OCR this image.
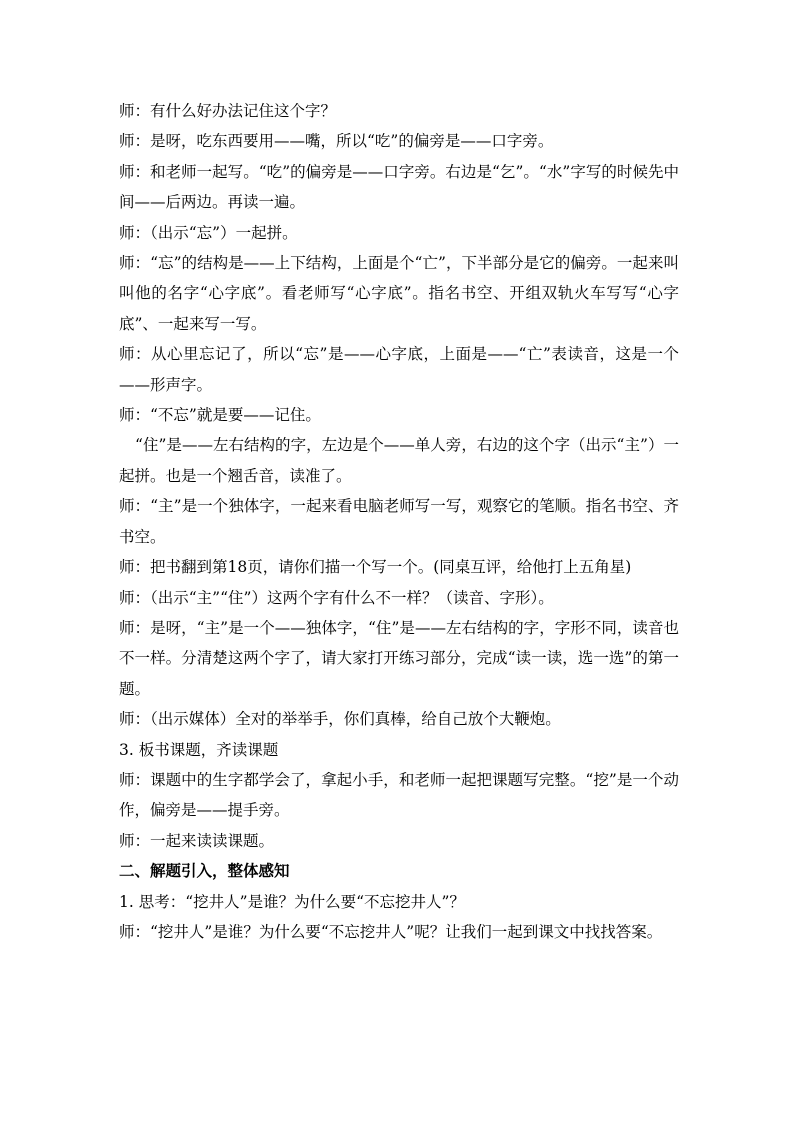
师：有什么好办法记住这个字？

师：是呀，吃东西要用——嘴，所以“吃”的偏旁是——口字旁。

师：和老师一起写。“吃”的偏旁是——口字旁。右边是“乞”。“水”字写的时候先中间——后两边。再读一遍。

师：（出示“忘”）一起拼。

师：“忘”的结构是——上下结构，上面是个“亡”，下半部分是它的偏旁。一起来叫叫他的名字“心字底”。看老师写“心字底”。指名书空、开组双轨火车写写“心字底”、一起来写一写。

师：从心里忘记了，所以“忘”是——心字底，上面是——“亡”表读音，这是一个——形声字。

师：“不忘”就是要——记住。

“住”是——左右结构的字，左边是个——单人旁，右边的这个字（出示“主”）一起拼。也是一个翘舌音，读准了。

师：“主”是一个独体字，一起来看电脑老师写一写，观察它的笔顺。指名书空、齐书空。

师：把书翻到第18页，请你们描一个写一个。(同桌互评，给他打上五角星)

师：（出示“主”“住”）这两个字有什么不一样？（读音、字形）。

师：是呀，“主”是一个——独体字，“住”是——左右结构的字，字形不同，读音也不一样。分清楚这两个字了，请大家打开练习部分，完成“读一读，选一选”的第一题。

师：（出示媒体）全对的举举手，你们真棒，给自己放个大鞭炮。

3. 板书课题，齐读课题

师：课题中的生字都学会了，拿起小手，和老师一起把课题写完整。“挖”是一个动作，偏旁是——提手旁。

师：一起来读读课题。

二、解题引入，整体感知

1. 思考：“挖井人”是谁？为什么要“不忘挖井人”？

师：“挖井人”是谁？为什么要“不忘挖井人”呢？让我们一起到课文中找找答案。
